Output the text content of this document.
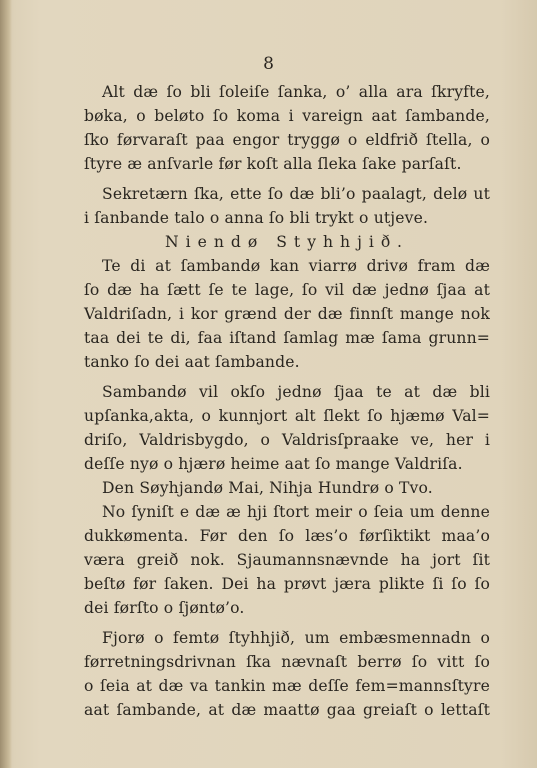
8
Alt dæ ſo bli ſoleiſe ſanka, o’ alla ara ſkryfte,
bøka, o beløto ſo koma i vareign aat ſambande,
ſko førvaraſt paa engor tryggø o eldfrið ſtella, o
ſtyre æ anſvarle før koſt alla ſleka ſake parſaſt.
Sekretærn ſka, ette ſo dæ bli’o paalagt, delø ut
i ſanbande talo o anna ſo bli trykt o utjeve.
Niendø Styhhjið.
Te di at ſambandø kan viarrø drivø fram dæ
ſo dæ ha ſætt ſe te lage, ſo vil dæ jednø ſjaa at
Valdriſadn, i kor grænd der dæ finnſt mange nok
taa dei te di, faa iſtand ſamlag mæ ſama grunn=
tanko ſo dei aat ſambande.
Sambandø vil okſo jednø ſjaa te at dæ bli
upſanka,akta, o kunnjort alt ſlekt ſo hjæmø Val=
driſo, Valdrisbygdo, o Valdrisſpraake ve, her i
deſſe nyø o hjærø heime aat ſo mange Valdriſa.
Den Søyhjandø Mai, Nihja Hundrø o Tvo.
No ſyniſt e dæ æ hji ſtort meir o ſeia um denne
dukkømenta. Før den ſo læs’o førſiktikt maa’o
væra greið nok. Sjaumannsnævnde ha jort ſit
beſtø før ſaken. Dei ha prøvt jæra plikte ſi ſo ſo
dei førſto o ſjøntø’o.
Fjorø o femtø ſtyhhjið, um embæsmennadn o
førretningsdrivnan ſka nævnaſt berrø ſo vitt ſo
o ſeia at dæ va tankin mæ deſſe fem=mannsſtyre
aat ſambande, at dæ maattø gaa greiaſt o lettaſt
